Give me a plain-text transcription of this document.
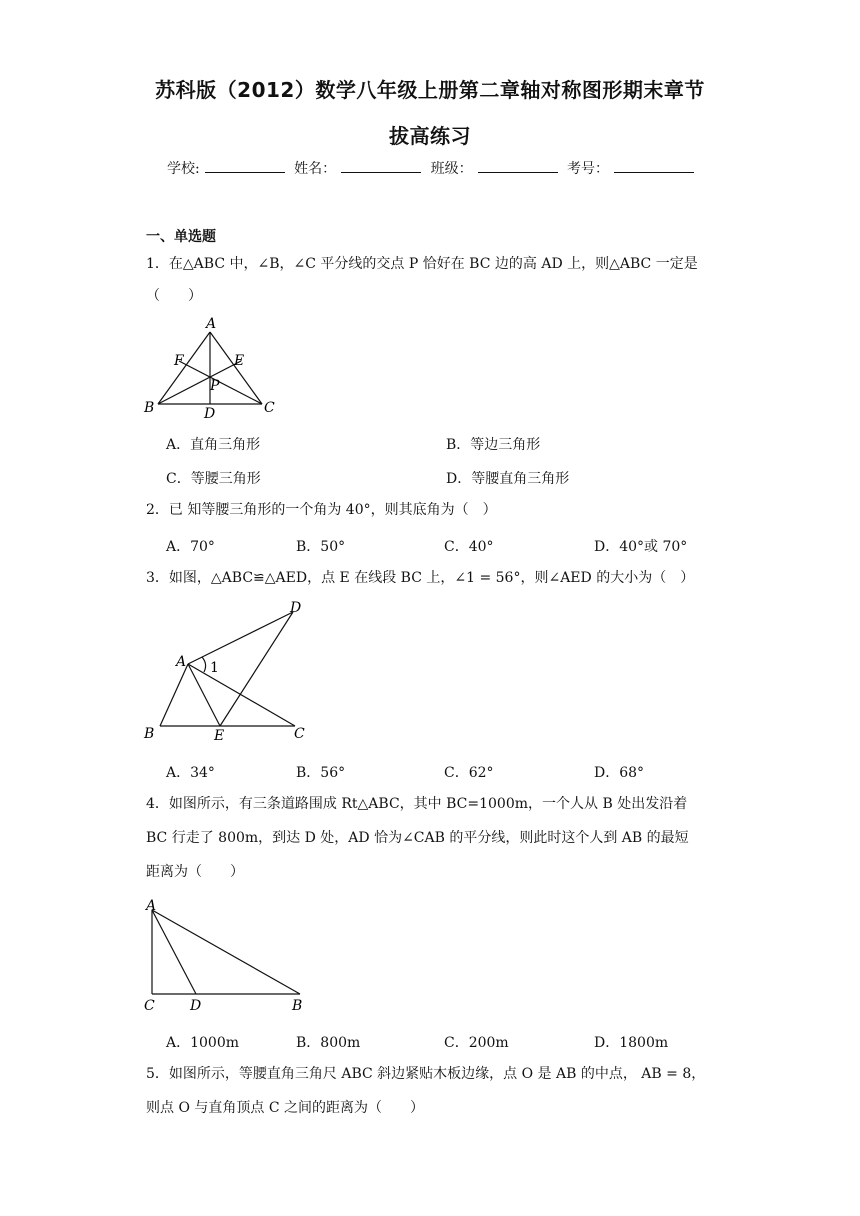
苏科版（2012）数学八年级上册第二章轴对称图形期末章节
拔高练习
学校:	姓名：	班级：	考号：
一、单选题
1．在△ABC 中，∠B，∠C 平分线的交点 P 恰好在 BC 边的高 AD 上，则△ABC 一定是
（　　）
A
B	C
D
E
F
P
A．直角三角形	B．等边三角形
C．等腰三角形	D．等腰直角三角形
2．已 知等腰三角形的一个角为 40°，则其底角为（　）
A．70°	B．50°	C．40°	D．40°或 70°
3．如图，△ABC≌△AED，点 E 在线段 BC 上，∠1 = 56°，则∠AED 的大小为（　）
A
B	C
D
E
1
A．34°	B．56°	C．62°	D．68°
4．如图所示，有三条道路围成 Rt△ABC，其中 BC=1000m，一个人从 B 处出发沿着
BC 行走了 800m，到达 D 处，AD 恰为∠CAB 的平分线，则此时这个人到 AB 的最短
距离为（　　）
A
C	D	B
A．1000m	B．800m	C．200m	D．1800m
5．如图所示，等腰直角三角尺 ABC 斜边紧贴木板边缘，点 O 是 AB 的中点， AB = 8，
则点 O 与直角顶点 C 之间的距离为（　　）
